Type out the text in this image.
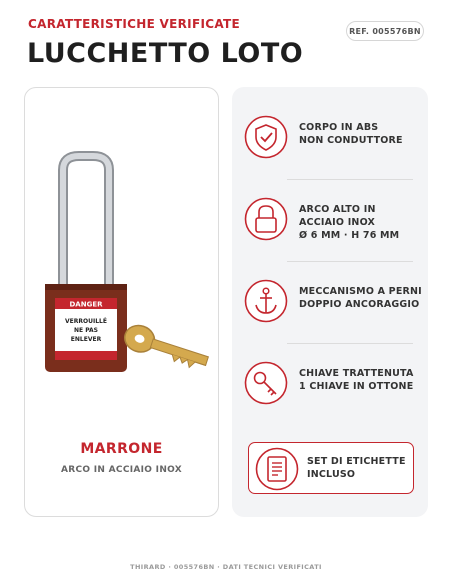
CARATTERISTICHE VERIFICATE	REF. 005576BN
LUCCHETTO LOTO
DANGER
VERROUILLÉ
NE PAS
ENLEVER
MARRONE
ARCO IN ACCIAIO INOX
CORPO IN ABS
NON CONDUTTORE
ARCO ALTO IN
ACCIAIO INOX
Ø 6 MM · H 76 MM
MECCANISMO A PERNI
DOPPIO ANCORAGGIO
CHIAVE TRATTENUTA
1 CHIAVE IN OTTONE
SET DI ETICHETTE
INCLUSO
THIRARD · 005576BN · DATI TECNICI VERIFICATI
